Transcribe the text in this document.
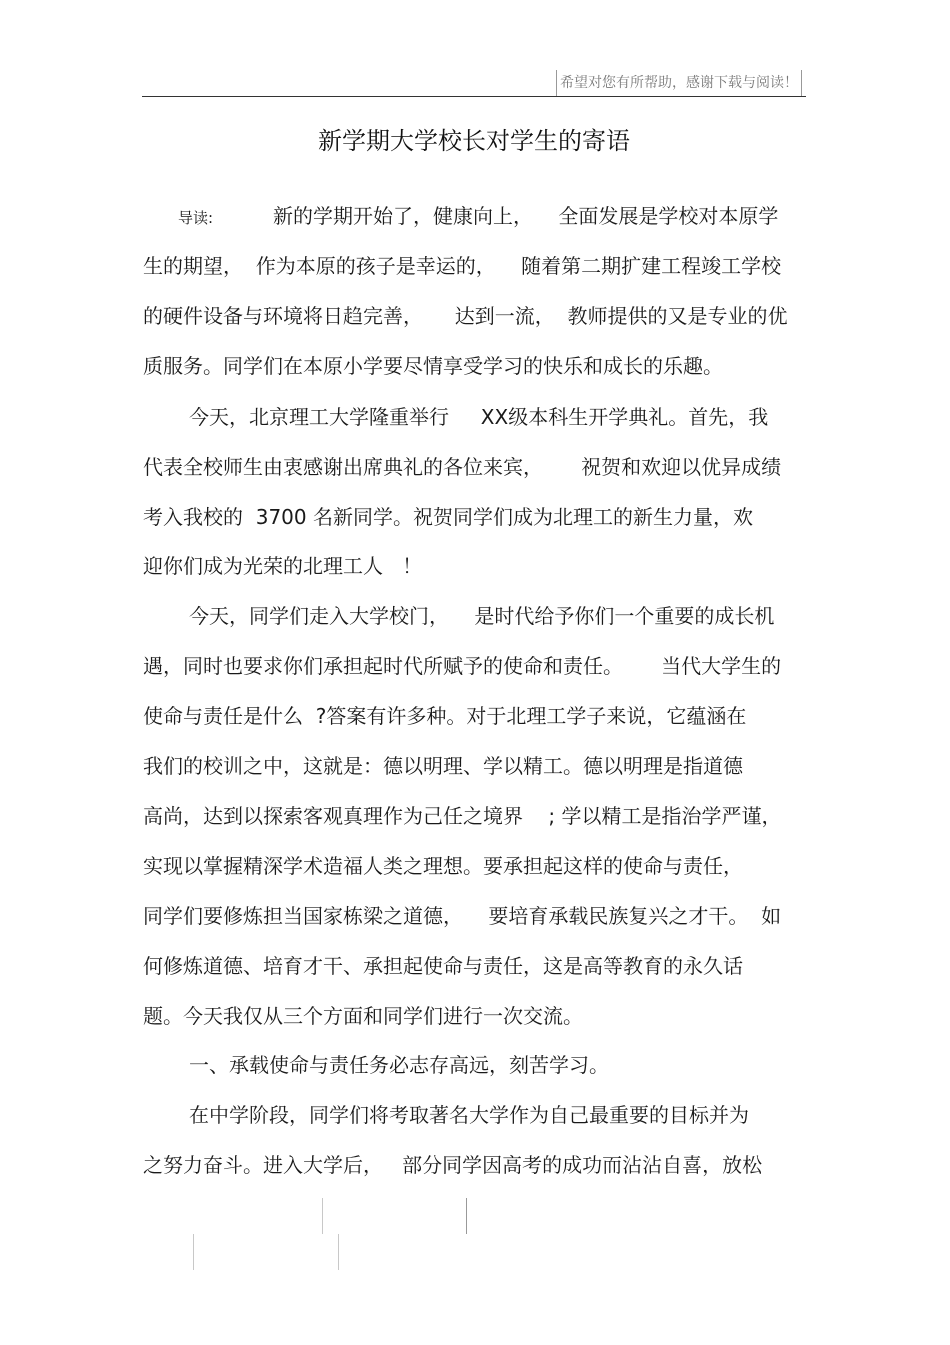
希望对您有所帮助，感谢下载与阅读！
新学期大学校长对学生的寄语
导读:	新的学期开始了，健康向上，    全面发展是学校对本原学
生的期望，  作为本原的孩子是幸运的，    随着第二期扩建工程竣工学校
的硬件设备与环境将日趋完善，     达到一流，  教师提供的又是专业的优
质服务。同学们在本原小学要尽情享受学习的快乐和成长的乐趣。
今天，北京理工大学隆重举行     XX级本科生开学典礼。首先，我
代表全校师生由衷感谢出席典礼的各位来宾，      祝贺和欢迎以优异成绩
考入我校的  3700 名新同学。祝贺同学们成为北理工的新生力量，欢
迎你们成为光荣的北理工人   ！
今天，同学们走入大学校门，    是时代给予你们一个重要的成长机
遇，同时也要求你们承担起时代所赋予的使命和责任。      当代大学生的
使命与责任是什么  ?答案有许多种。对于北理工学子来说，它蕴涵在
我们的校训之中，这就是：德以明理、学以精工。德以明理是指道德
高尚，达到以探索客观真理作为己任之境界    ; 学以精工是指治学严谨，
实现以掌握精深学术造福人类之理想。要承担起这样的使命与责任，
同学们要修炼担当国家栋梁之道德，    要培育承载民族复兴之才干。  如
何修炼道德、培育才干、承担起使命与责任，这是高等教育的永久话
题。今天我仅从三个方面和同学们进行一次交流。
一、承载使命与责任务必志存高远，刻苦学习。
在中学阶段，同学们将考取著名大学作为自己最重要的目标并为
之努力奋斗。进入大学后，   部分同学因高考的成功而沾沾自喜，放松
